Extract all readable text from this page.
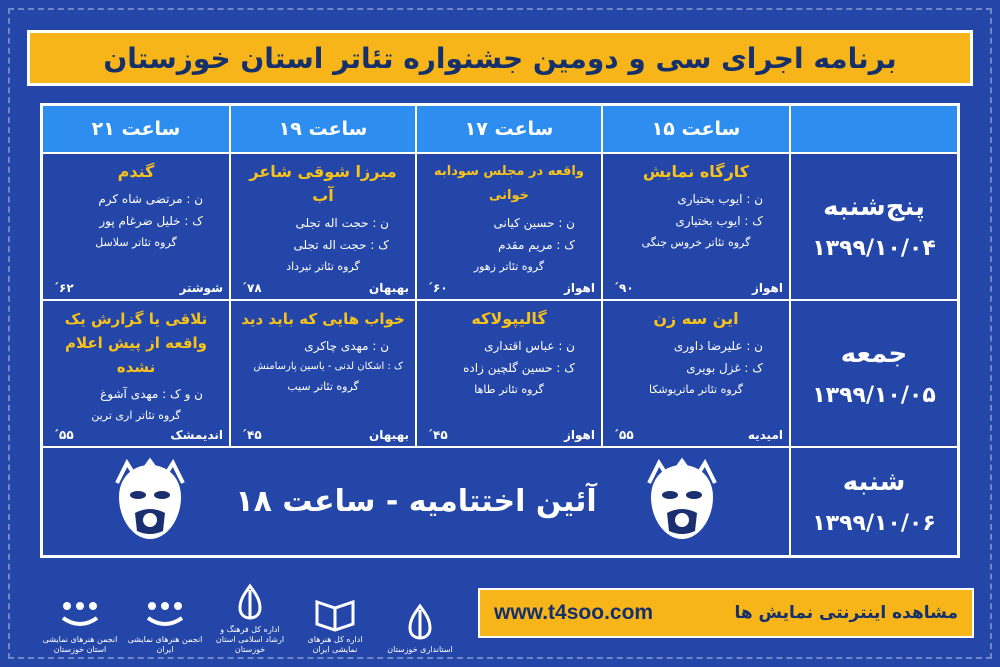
برنامه اجرای سی و دومین جشنواره تئاتر استان خوزستان
ساعت ۱۵
ساعت ۱۷
ساعت ۱۹
ساعت ۲۱
پنج‌شنبه
۱۳۹۹/۱۰/۰۴
جمعه
۱۳۹۹/۱۰/۰۵
شنبه
۱۳۹۹/۱۰/۰۶
کارگاه نمایش
ن : ایوب بختیاری
ک : ایوب بختیاری
گروه تئاتر خروس جنگی
اهواز
۹۰´
واقعه در مجلس سودابه خوانی
ن : حسین کیانی
ک : مریم مقدم
گروه تئاتر زهور
اهواز
۶۰´
میرزا شوقی شاعر آب
ن : حجت اله تجلی
ک : حجت اله تجلی
گروه تئاتر تیرداد
بهبهان
۷۸´
گندم
ن : مرتضی شاه کرم
ک : خلیل ضرغام پور
گروه تئاتر سلاسل
شوشتر
۶۲´
این سه زن
ن : علیرضا داوری
ک : غزل بویری
گروه تئاتر ماتریوشکا
امیدیه
۵۵´
گالیپولاکه
ن : عباس اقتداری
ک : حسین گلچین زاده
گروه تئاتر طاها
اهواز
۴۵´
خواب هایی که باید دید
ن : مهدی چاکری
ک : اشکان لدنی - یاسین پارسامنش
گروه تئاتر سیب
بهبهان
۴۵´
تلاقی یا گزارش یک واقعه از پیش اعلام نشده
ن و ک : مهدی آشوغ
گروه تئاتر اری ترین
اندیمشک
۵۵´
آئین اختتامیه - ساعت ۱۸
انجمن هنرهای نمایشی استان خوزستان
انجمن هنرهای نمایشی ایران
اداره کل فرهنگ و ارشاد اسلامی استان خوزستان
اداره کل هنرهای نمایشی ایران	استانداری خوزستان
www.t4soo.com	مشاهده اینترنتی نمایش ها
